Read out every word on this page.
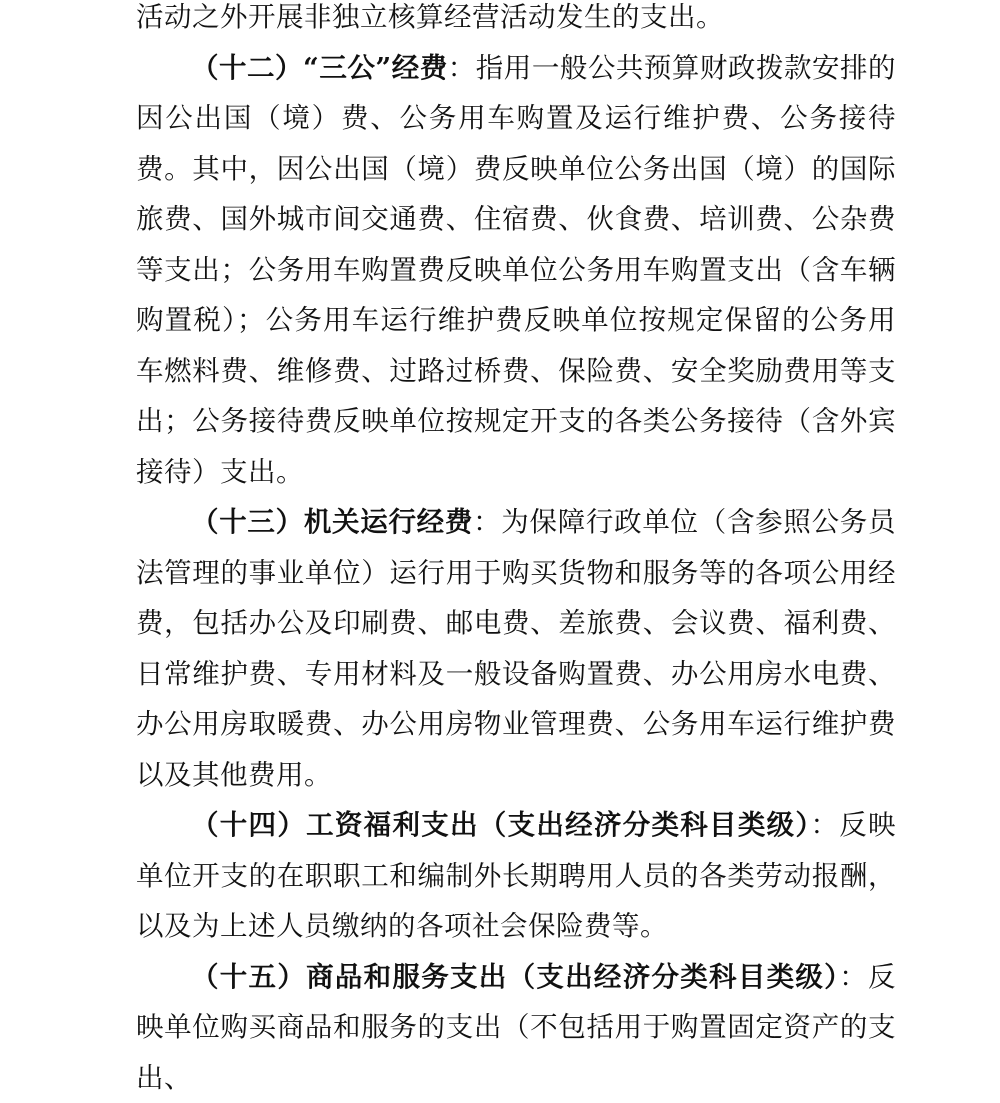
活动之外开展非独立核算经营活动发生的支出。

（十二）“三公”经费：指用一般公共预算财政拨款安排的因公出国（境）费、公务用车购置及运行维护费、公务接待费。其中，因公出国（境）费反映单位公务出国（境）的国际旅费、国外城市间交通费、住宿费、伙食费、培训费、公杂费等支出；公务用车购置费反映单位公务用车购置支出（含车辆购置税）；公务用车运行维护费反映单位按规定保留的公务用车燃料费、维修费、过路过桥费、保险费、安全奖励费用等支出；公务接待费反映单位按规定开支的各类公务接待（含外宾接待）支出。

（十三）机关运行经费：为保障行政单位（含参照公务员法管理的事业单位）运行用于购买货物和服务等的各项公用经费，包括办公及印刷费、邮电费、差旅费、会议费、福利费、日常维护费、专用材料及一般设备购置费、办公用房水电费、办公用房取暖费、办公用房物业管理费、公务用车运行维护费以及其他费用。

（十四）工资福利支出（支出经济分类科目类级）：反映单位开支的在职职工和编制外长期聘用人员的各类劳动报酬，以及为上述人员缴纳的各项社会保险费等。

（十五）商品和服务支出（支出经济分类科目类级）：反映单位购买商品和服务的支出（不包括用于购置固定资产的支出、
